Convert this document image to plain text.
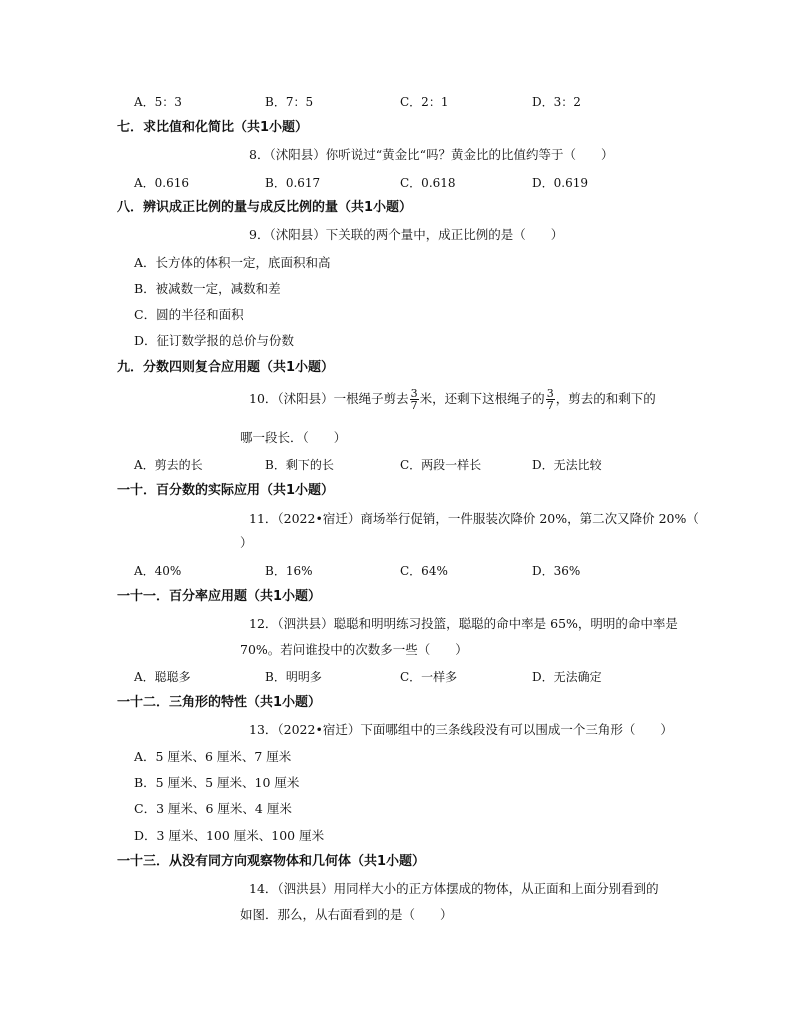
A．5：3	B．7：5	C．2：1	D．3：2
七．求比值和化简比（共1小题）
8．（沭阳县）你听说过“黄金比“吗？黄金比的比值约等于（　　）
A．0.616	B．0.617	C．0.618	D．0.619
八．辨识成正比例的量与成反比例的量（共1小题）
9．（沭阳县）下关联的两个量中，成正比例的是（　　）
A．长方体的体积一定，底面积和高
B．被减数一定，减数和差
C．圆的半径和面积
D．征订数学报的总价与份数
九．分数四则复合应用题（共1小题）
10．（沭阳县）一根绳子剪去 $\frac{3}{7}$ 米，还剩下这根绳子的 $\frac{3}{7}$ ，剪去的和剩下的
哪一段长．（　　）
A．剪去的长	B．剩下的长	C．两段一样长	D．无法比较
一十．百分数的实际应用（共1小题）
11．（2022•宿迁）商场举行促销，一件服装次降价 20%，第二次又降价 20%（
）
A．40%	B．16%	C．64%	D．36%
一十一．百分率应用题（共1小题）
12．（泗洪县）聪聪和明明练习投篮，聪聪的命中率是 65%，明明的命中率是
70%。若问谁投中的次数多一些（　　）
A．聪聪多	B．明明多	C．一样多	D．无法确定
一十二．三角形的特性（共1小题）
13．（2022•宿迁）下面哪组中的三条线段没有可以围成一个三角形（　　）
A．5 厘米、6 厘米、7 厘米
B．5 厘米、5 厘米、10 厘米
C．3 厘米、6 厘米、4 厘米
D．3 厘米、100 厘米、100 厘米
一十三．从没有同方向观察物体和几何体（共1小题）
14．（泗洪县）用同样大小的正方体摆成的物体，从正面和上面分别看到的
如图．那么，从右面看到的是（　　）
